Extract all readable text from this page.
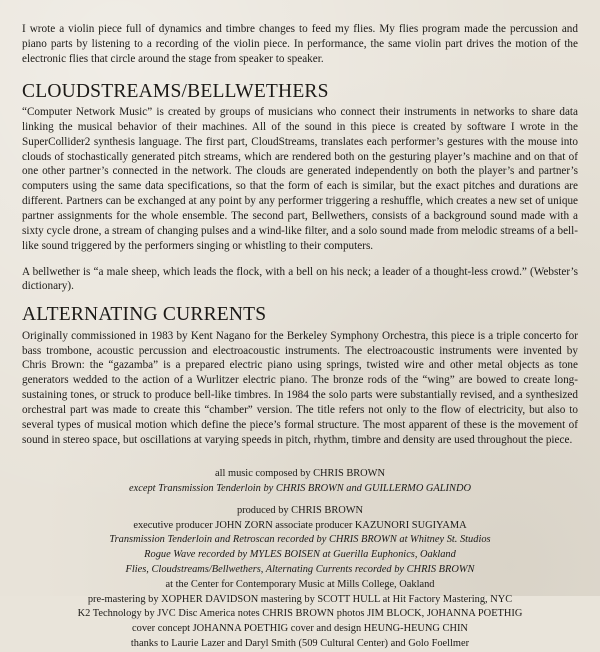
I wrote a violin piece full of dynamics and timbre changes to feed my flies. My flies program made the percussion and piano parts by listening to a recording of the violin piece. In performance, the same violin part drives the motion of the electronic flies that circle around the stage from speaker to speaker.

CLOUDSTREAMS/BELLWETHERS

“Computer Network Music” is created by groups of musicians who connect their instruments in networks to share data linking the musical behavior of their machines. All of the sound in this piece is created by software I wrote in the SuperCollider2 synthesis language. The first part, CloudStreams, translates each performer’s gestures with the mouse into clouds of stochastically generated pitch streams, which are rendered both on the gesturing player’s machine and on that of one other partner’s connected in the network. The clouds are generated independently on both the player’s and partner’s computers using the same data specifications, so that the form of each is similar, but the exact pitches and durations are different. Partners can be exchanged at any point by any performer triggering a reshuffle, which creates a new set of unique partner assignments for the whole ensemble. The second part, Bellwethers, consists of a background sound made with a sixty cycle drone, a stream of changing pulses and a wind-like filter, and a solo sound made from melodic streams of a bell-like sound triggered by the performers singing or whistling to their computers.

A bellwether is “a male sheep, which leads the flock, with a bell on his neck; a leader of a thought-less crowd.” (Webster’s dictionary).

ALTERNATING CURRENTS

Originally commissioned in 1983 by Kent Nagano for the Berkeley Symphony Orchestra, this piece is a triple concerto for bass trombone, acoustic percussion and electroacoustic instruments. The electroacoustic instruments were invented by Chris Brown: the “gazamba” is a prepared electric piano using springs, twisted wire and other metal objects as tone generators wedded to the action of a Wurlitzer electric piano. The bronze rods of the “wing” are bowed to create long-sustaining tones, or struck to produce bell-like timbres. In 1984 the solo parts were substantially revised, and a synthesized orchestral part was made to create this “chamber” version. The title refers not only to the flow of electricity, but also to several types of musical motion which define the piece’s formal structure. The most apparent of these is the movement of sound in stereo space, but oscillations at varying speeds in pitch, rhythm, timbre and density are used throughout the piece.

all music composed by CHRIS BROWN
except Transmission Tenderloin by CHRIS BROWN and GUILLERMO GALINDO
produced by CHRIS BROWN
executive producer JOHN ZORN associate producer KAZUNORI SUGIYAMA
Transmission Tenderloin and Retroscan recorded by CHRIS BROWN at Whitney St. Studios
Rogue Wave recorded by MYLES BOISEN at Guerilla Euphonics, Oakland
Flies, Cloudstreams/Bellwethers, Alternating Currents recorded by CHRIS BROWN
at the Center for Contemporary Music at Mills College, Oakland
pre-mastering by XOPHER DAVIDSON mastering by SCOTT HULL at Hit Factory Mastering, NYC
K2 Technology by JVC Disc America notes CHRIS BROWN photos JIM BLOCK, JOHANNA POETHIG
cover concept JOHANNA POETHIG cover and design HEUNG-HEUNG CHIN
thanks to Laurie Lazer and Daryl Smith (509 Cultural Center) and Golo Foellmer
